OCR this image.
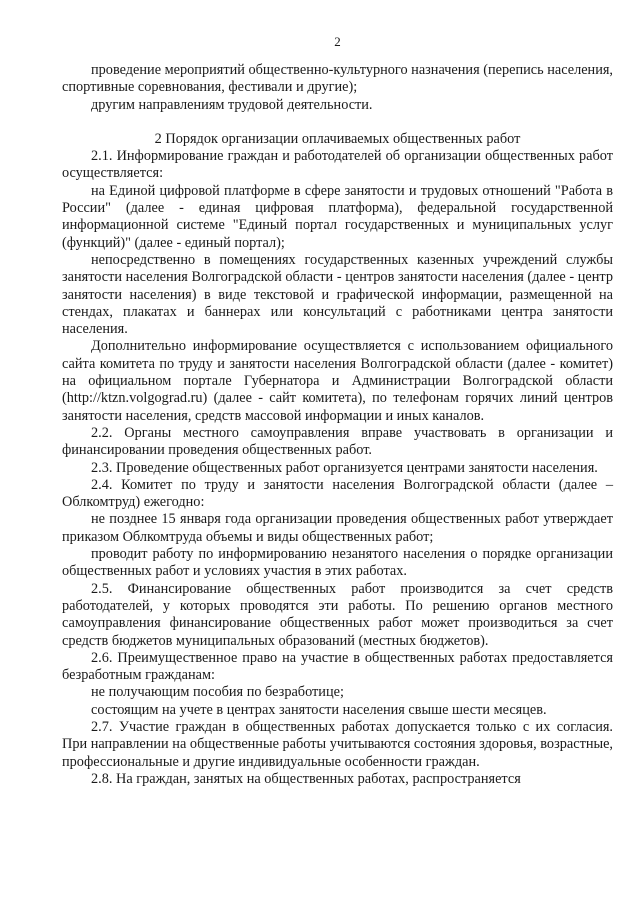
2

проведение мероприятий общественно-культурного назначения (перепись населения, спортивные соревнования, фестивали и другие);

другим направлениям трудовой деятельности.

2 Порядок организации оплачиваемых общественных работ

2.1. Информирование граждан и работодателей об организации общественных работ осуществляется:

на Единой цифровой платформе в сфере занятости и трудовых отношений "Работа в России" (далее - единая цифровая платформа), федеральной государственной информационной системе "Единый портал государственных и муниципальных услуг (функций)" (далее - единый портал);

непосредственно в помещениях государственных казенных учреждений службы занятости населения Волгоградской области - центров занятости населения (далее - центр занятости населения) в виде текстовой и графической информации, размещенной на стендах, плакатах и баннерах или консультаций с работниками центра занятости населения.

Дополнительно информирование осуществляется с использованием официального сайта комитета по труду и занятости населения Волгоградской области (далее - комитет) на официальном портале Губернатора и Администрации Волгоградской области (http://ktzn.volgograd.ru) (далее - сайт комитета), по телефонам горячих линий центров занятости населения, средств массовой информации и иных каналов.

2.2. Органы местного самоуправления вправе участвовать в организации и финансировании проведения общественных работ.

2.3. Проведение общественных работ организуется центрами занятости населения.

2.4. Комитет по труду и занятости населения Волгоградской области (далее – Облкомтруд) ежегодно:

не позднее 15 января года организации проведения общественных работ утверждает приказом Облкомтруда объемы и виды общественных работ;

проводит работу по информированию незанятого населения о порядке организации общественных работ и условиях участия в этих работах.

2.5. Финансирование общественных работ производится за счет средств работодателей, у которых проводятся эти работы. По решению органов местного самоуправления финансирование общественных работ может производиться за счет средств бюджетов муниципальных образований (местных бюджетов).

2.6. Преимущественное право на участие в общественных работах предоставляется безработным гражданам:

не получающим пособия по безработице;

состоящим на учете в центрах занятости населения свыше шести месяцев.

2.7. Участие граждан в общественных работах допускается только с их согласия. При направлении на общественные работы учитываются состояния здоровья, возрастные, профессиональные и другие индивидуальные особенности граждан.

2.8. На граждан, занятых на общественных работах, распространяется
